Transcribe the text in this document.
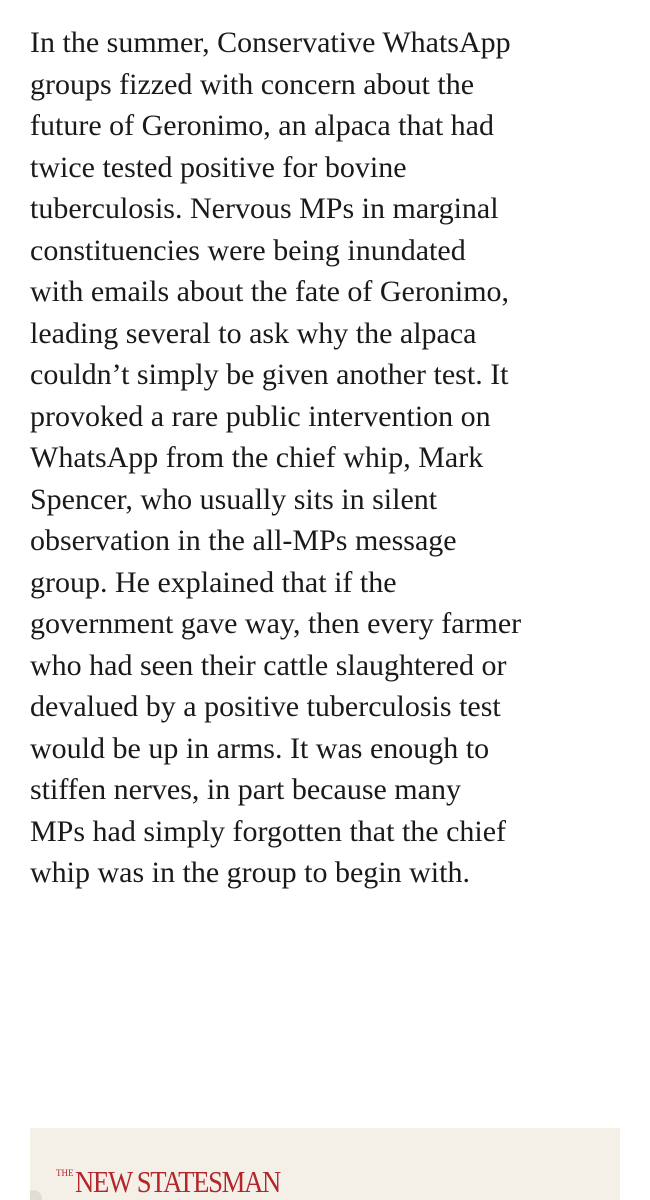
In the summer, Conservative WhatsApp
groups fizzed with concern about the
future of Geronimo, an alpaca that had
twice tested positive for bovine
tuberculosis. Nervous MPs in marginal
constituencies were being inundated
with emails about the fate of Geronimo,
leading several to ask why the alpaca
couldn’t simply be given another test. It
provoked a rare public intervention on
WhatsApp from the chief whip, Mark
Spencer, who usually sits in silent
observation in the all-MPs message
group. He explained that if the
government gave way, then every farmer
who had seen their cattle slaughtered or
devalued by a positive tuberculosis test
would be up in arms. It was enough to
stiffen nerves, in part because many
MPs had simply forgotten that the chief
whip was in the group to begin with.

THE NEW STATESMAN
